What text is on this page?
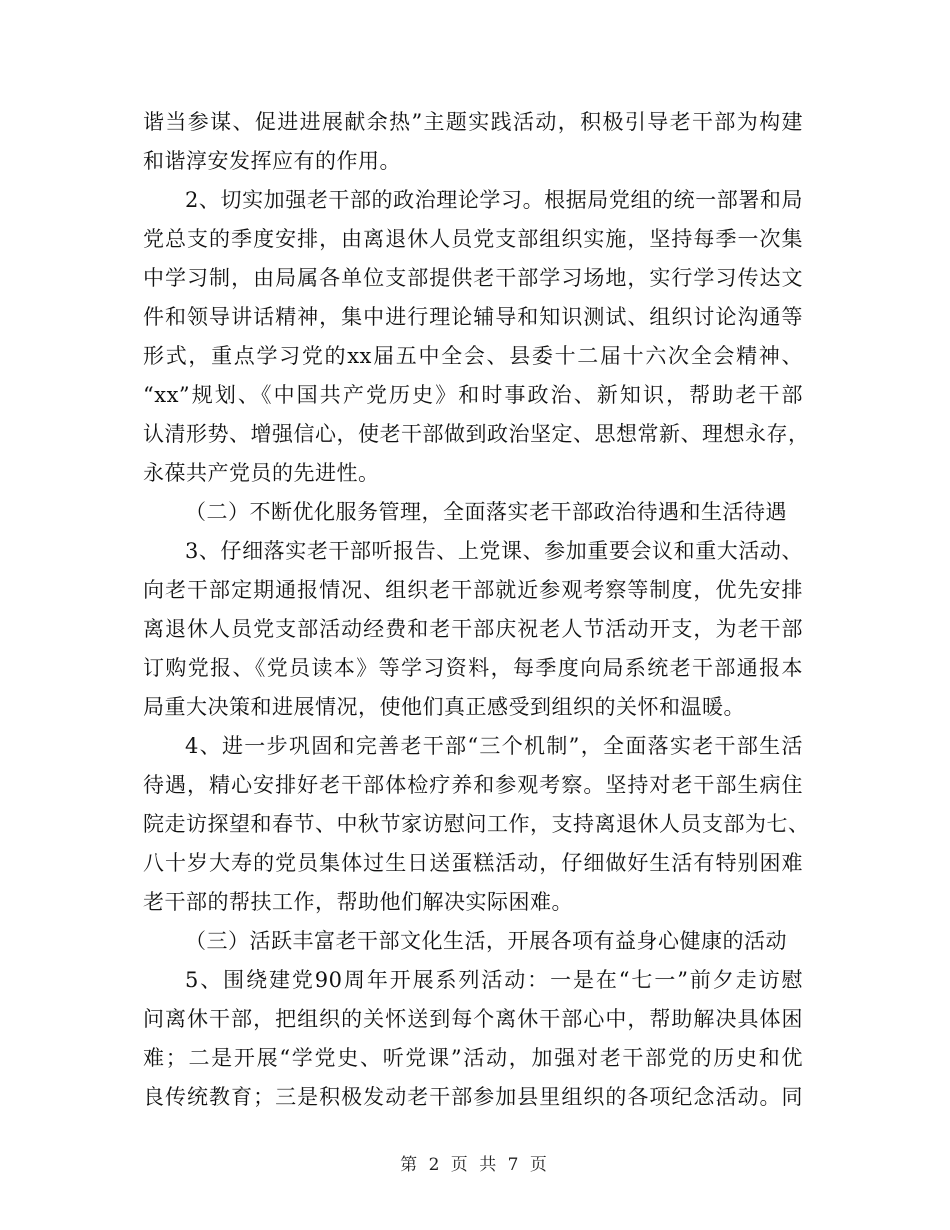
谐当参谋、促进进展献余热”主题实践活动，积极引导老干部为构建
和谐淳安发挥应有的作用。
2、切实加强老干部的政治理论学习。根据局党组的统一部署和局
党总支的季度安排，由离退休人员党支部组织实施，坚持每季一次集
中学习制，由局属各单位支部提供老干部学习场地，实行学习传达文
件和领导讲话精神，集中进行理论辅导和知识测试、组织讨论沟通等
形式，重点学习党的xx届五中全会、县委十二届十六次全会精神、
“xx”规划、《中国共产党历史》和时事政治、新知识，帮助老干部
认清形势、增强信心，使老干部做到政治坚定、思想常新、理想永存，
永葆共产党员的先进性。
（二）不断优化服务管理，全面落实老干部政治待遇和生活待遇
3、仔细落实老干部听报告、上党课、参加重要会议和重大活动、
向老干部定期通报情况、组织老干部就近参观考察等制度，优先安排
离退休人员党支部活动经费和老干部庆祝老人节活动开支，为老干部
订购党报、《党员读本》等学习资料，每季度向局系统老干部通报本
局重大决策和进展情况，使他们真正感受到组织的关怀和温暖。
4、进一步巩固和完善老干部“三个机制”，全面落实老干部生活
待遇，精心安排好老干部体检疗养和参观考察。坚持对老干部生病住
院走访探望和春节、中秋节家访慰问工作，支持离退休人员支部为七、
八十岁大寿的党员集体过生日送蛋糕活动，仔细做好生活有特别困难
老干部的帮扶工作，帮助他们解决实际困难。
（三）活跃丰富老干部文化生活，开展各项有益身心健康的活动
5、围绕建党90周年开展系列活动：一是在“七一”前夕走访慰
问离休干部，把组织的关怀送到每个离休干部心中，帮助解决具体困
难；二是开展“学党史、听党课”活动，加强对老干部党的历史和优
良传统教育；三是积极发动老干部参加县里组织的各项纪念活动。同
第 2 页 共 7 页
